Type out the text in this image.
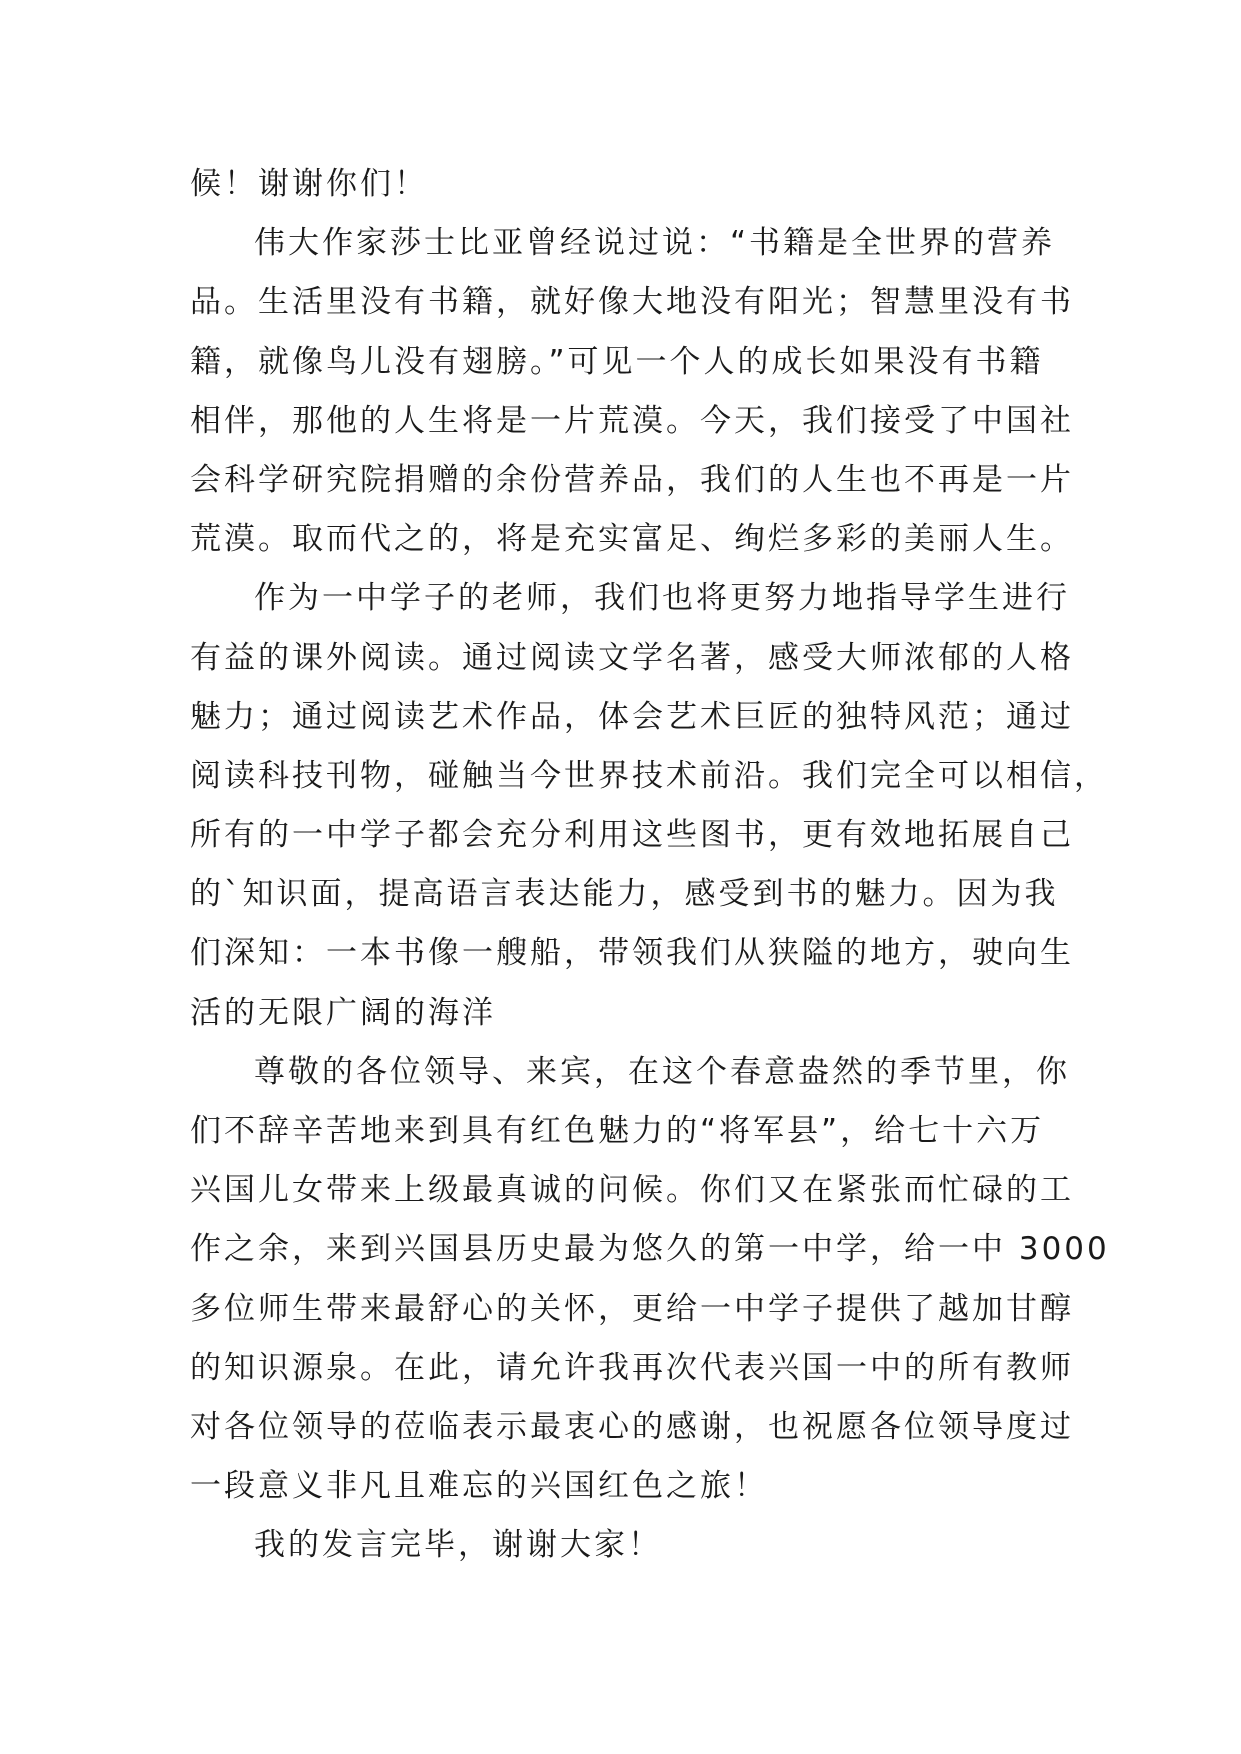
候！谢谢你们！

伟大作家莎士比亚曾经说过说：“书籍是全世界的营养
品。生活里没有书籍，就好像大地没有阳光；智慧里没有书
籍，就像鸟儿没有翅膀。”可见一个人的成长如果没有书籍
相伴，那他的人生将是一片荒漠。今天，我们接受了中国社
会科学研究院捐赠的余份营养品，我们的人生也不再是一片
荒漠。取而代之的，将是充实富足、绚烂多彩的美丽人生。

作为一中学子的老师，我们也将更努力地指导学生进行
有益的课外阅读。通过阅读文学名著，感受大师浓郁的人格
魅力；通过阅读艺术作品，体会艺术巨匠的独特风范；通过
阅读科技刊物，碰触当今世界技术前沿。我们完全可以相信，
所有的一中学子都会充分利用这些图书，更有效地拓展自己
的`知识面，提高语言表达能力，感受到书的魅力。因为我
们深知：一本书像一艘船，带领我们从狭隘的地方，驶向生
活的无限广阔的海洋

尊敬的各位领导、来宾，在这个春意盎然的季节里，你
们不辞辛苦地来到具有红色魅力的“将军县”，给七十六万
兴国儿女带来上级最真诚的问候。你们又在紧张而忙碌的工
作之余，来到兴国县历史最为悠久的第一中学，给一中 3000
多位师生带来最舒心的关怀，更给一中学子提供了越加甘醇
的知识源泉。在此，请允许我再次代表兴国一中的所有教师
对各位领导的莅临表示最衷心的感谢，也祝愿各位领导度过
一段意义非凡且难忘的兴国红色之旅！

我的发言完毕，谢谢大家！
